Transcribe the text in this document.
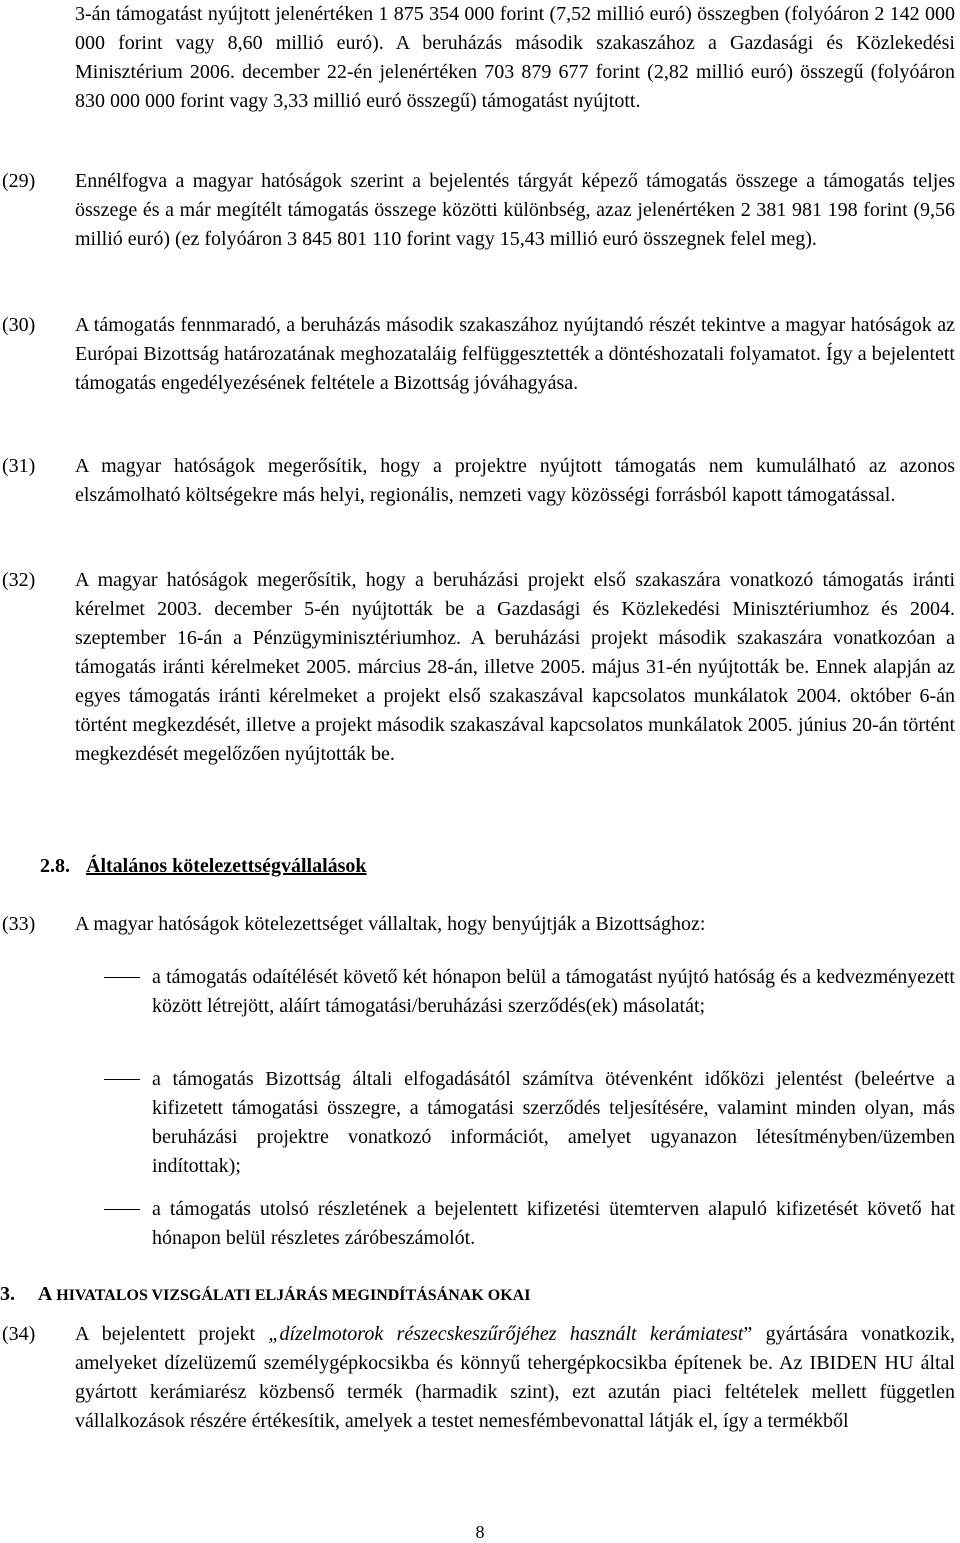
3-án támogatást nyújtott jelenértéken 1 875 354 000 forint (7,52 millió euró) összegben (folyóáron 2 142 000 000 forint vagy 8,60 millió euró). A beruházás második szakaszához a Gazdasági és Közlekedési Minisztérium 2006. december 22-én jelenértéken 703 879 677 forint (2,82 millió euró) összegű (folyóáron 830 000 000 forint vagy 3,33 millió euró összegű) támogatást nyújtott.

(29)	Ennélfogva a magyar hatóságok szerint a bejelentés tárgyát képező támogatás összege a támogatás teljes összege és a már megítélt támogatás összege közötti különbség, azaz jelenértéken 2 381 981 198 forint (9,56 millió euró) (ez folyóáron 3 845 801 110 forint vagy 15,43 millió euró összegnek felel meg).

(30)	A támogatás fennmaradó, a beruházás második szakaszához nyújtandó részét tekintve a magyar hatóságok az Európai Bizottság határozatának meghozataláig felfüggesztették a döntéshozatali folyamatot. Így a bejelentett támogatás engedélyezésének feltétele a Bizottság jóváhagyása.

(31)	A magyar hatóságok megerősítik, hogy a projektre nyújtott támogatás nem kumulálható az azonos elszámolható költségekre más helyi, regionális, nemzeti vagy közösségi forrásból kapott támogatással.

(32)	A magyar hatóságok megerősítik, hogy a beruházási projekt első szakaszára vonatkozó támogatás iránti kérelmet 2003. december 5-én nyújtották be a Gazdasági és Közlekedési Minisztériumhoz és 2004. szeptember 16-án a Pénzügyminisztériumhoz. A beruházási projekt második szakaszára vonatkozóan a támogatás iránti kérelmeket 2005. március 28-án, illetve 2005. május 31-én nyújtották be. Ennek alapján az egyes támogatás iránti kérelmeket a projekt első szakaszával kapcsolatos munkálatok 2004. október 6-án történt megkezdését, illetve a projekt második szakaszával kapcsolatos munkálatok 2005. június 20-án történt megkezdését megelőzően nyújtották be.

2.8. Általános kötelezettségvállalások

(33)	A magyar hatóságok kötelezettséget vállaltak, hogy benyújtják a Bizottsághoz:

a támogatás odaítélését követő két hónapon belül a támogatást nyújtó hatóság és a kedvezményezett között létrejött, aláírt támogatási/beruházási szerződés(ek) másolatát;

a támogatás Bizottság általi elfogadásától számítva ötévenként időközi jelentést (beleértve a kifizetett támogatási összegre, a támogatási szerződés teljesítésére, valamint minden olyan, más beruházási projektre vonatkozó információt, amelyet ugyanazon létesítményben/üzemben indítottak);

a támogatás utolsó részletének a bejelentett kifizetési ütemterven alapuló kifizetését követő hat hónapon belül részletes záróbeszámolót.

3. A HIVATALOS VIZSGÁLATI ELJÁRÁS MEGINDÍTÁSÁNAK OKAI

(34)	A bejelentett projekt „dízelmotorok részecskeszűrőjéhez használt kerámiatest” gyártására vonatkozik, amelyeket dízelüzemű személygépkocsikba és könnyű tehergépkocsikba építenek be. Az IBIDEN HU által gyártott kerámiarész közbenső termék (harmadik szint), ezt azután piaci feltételek mellett független vállalkozások részére értékesítik, amelyek a testet nemesfémbevonattal látják el, így a termékből

8
